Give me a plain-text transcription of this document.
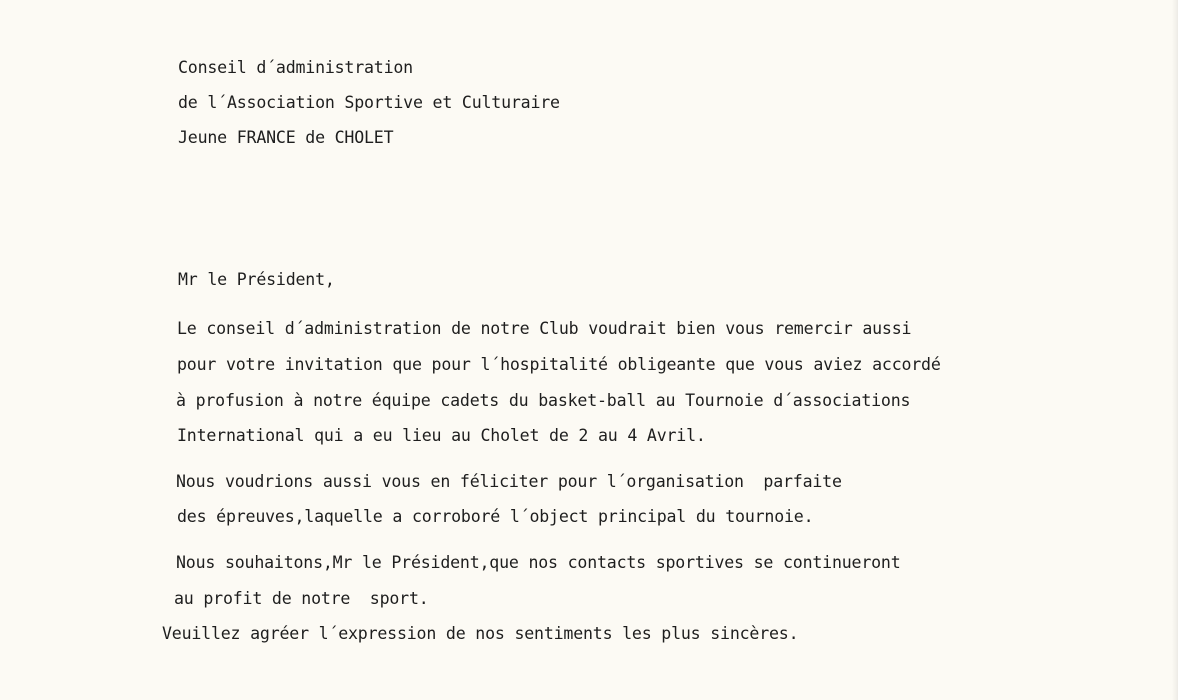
Conseil d´administration
de l´Association Sportive et Culturaire
Jeune FRANCE de CHOLET
Mr le Président,
Le conseil d´administration de notre Club voudrait bien vous remercir aussi
pour votre invitation que pour l´hospitalité obligeante que vous aviez accordé
à profusion à notre équipe cadets du basket-ball au Tournoie d´associations
International qui a eu lieu au Cholet de 2 au 4 Avril.
Nous voudrions aussi vous en féliciter pour l´organisation  parfaite
des épreuves,laquelle a corroboré l´object principal du tournoie.
Nous souhaitons,Mr le Président,que nos contacts sportives se continueront
au profit de notre  sport.
Veuillez agréer l´expression de nos sentiments les plus sincères.
